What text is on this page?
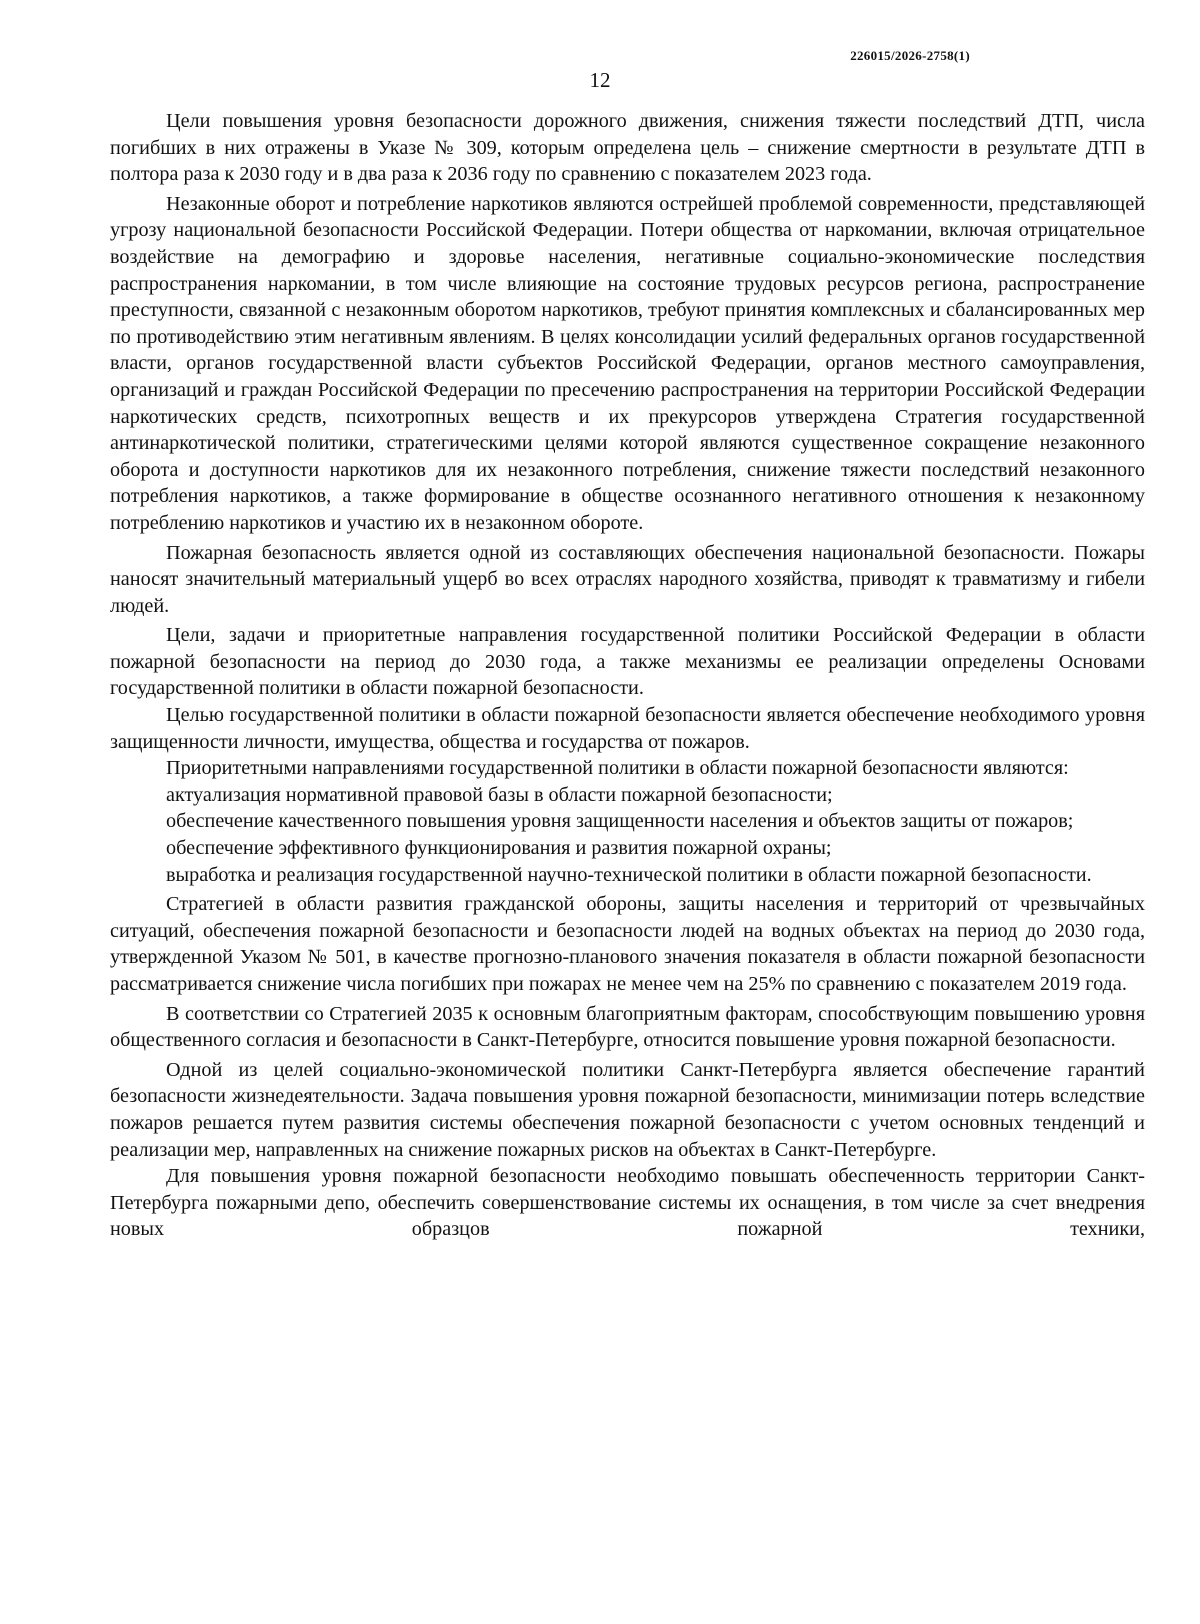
226015/2026-2758(1)
12

Цели повышения уровня безопасности дорожного движения, снижения тяжести последствий ДТП, числа погибших в них отражены в Указе № 309, которым определена цель – снижение смертности в результате ДТП в полтора раза к 2030 году и в два раза к 2036 году по сравнению с показателем 2023 года.

Незаконные оборот и потребление наркотиков являются острейшей проблемой современности, представляющей угрозу национальной безопасности Российской Федерации. Потери общества от наркомании, включая отрицательное воздействие на демографию и здоровье населения, негативные социально-экономические последствия распространения наркомании, в том числе влияющие на состояние трудовых ресурсов региона, распространение преступности, связанной с незаконным оборотом наркотиков, требуют принятия комплексных и сбалансированных мер по противодействию этим негативным явлениям. В целях консолидации усилий федеральных органов государственной власти, органов государственной власти субъектов Российской Федерации, органов местного самоуправления, организаций и граждан Российской Федерации по пресечению распространения на территории Российской Федерации наркотических средств, психотропных веществ и их прекурсоров утверждена Стратегия государственной антинаркотической политики, стратегическими целями которой являются существенное сокращение незаконного оборота и доступности наркотиков для их незаконного потребления, снижение тяжести последствий незаконного потребления наркотиков, а также формирование в обществе осознанного негативного отношения к незаконному потреблению наркотиков и участию их в незаконном обороте.

Пожарная безопасность является одной из составляющих обеспечения национальной безопасности. Пожары наносят значительный материальный ущерб во всех отраслях народного хозяйства, приводят к травматизму и гибели людей.

Цели, задачи и приоритетные направления государственной политики Российской Федерации в области пожарной безопасности на период до 2030 года, а также механизмы ее реализации определены Основами государственной политики в области пожарной безопасности.

Целью государственной политики в области пожарной безопасности является обеспечение необходимого уровня защищенности личности, имущества, общества и государства от пожаров.

Приоритетными направлениями государственной политики в области пожарной безопасности являются:

актуализация нормативной правовой базы в области пожарной безопасности;

обеспечение качественного повышения уровня защищенности населения и объектов защиты от пожаров;

обеспечение эффективного функционирования и развития пожарной охраны;

выработка и реализация государственной научно-технической политики в области пожарной безопасности.

Стратегией в области развития гражданской обороны, защиты населения и территорий от чрезвычайных ситуаций, обеспечения пожарной безопасности и безопасности людей на водных объектах на период до 2030 года, утвержденной Указом № 501, в качестве прогнозно-планового значения показателя в области пожарной безопасности рассматривается снижение числа погибших при пожарах не менее чем на 25% по сравнению с показателем 2019 года.

В соответствии со Стратегией 2035 к основным благоприятным факторам, способствующим повышению уровня общественного согласия и безопасности в Санкт-Петербурге, относится повышение уровня пожарной безопасности.

Одной из целей социально-экономической политики Санкт-Петербурга является обеспечение гарантий безопасности жизнедеятельности. Задача повышения уровня пожарной безопасности, минимизации потерь вследствие пожаров решается путем развития системы обеспечения пожарной безопасности с учетом основных тенденций и реализации мер, направленных на снижение пожарных рисков на объектах в Санкт-Петербурге.

Для повышения уровня пожарной безопасности необходимо повышать обеспеченность территории Санкт-Петербурга пожарными депо, обеспечить совершенствование системы их оснащения, в том числе за счет внедрения новых образцов пожарной техники,
